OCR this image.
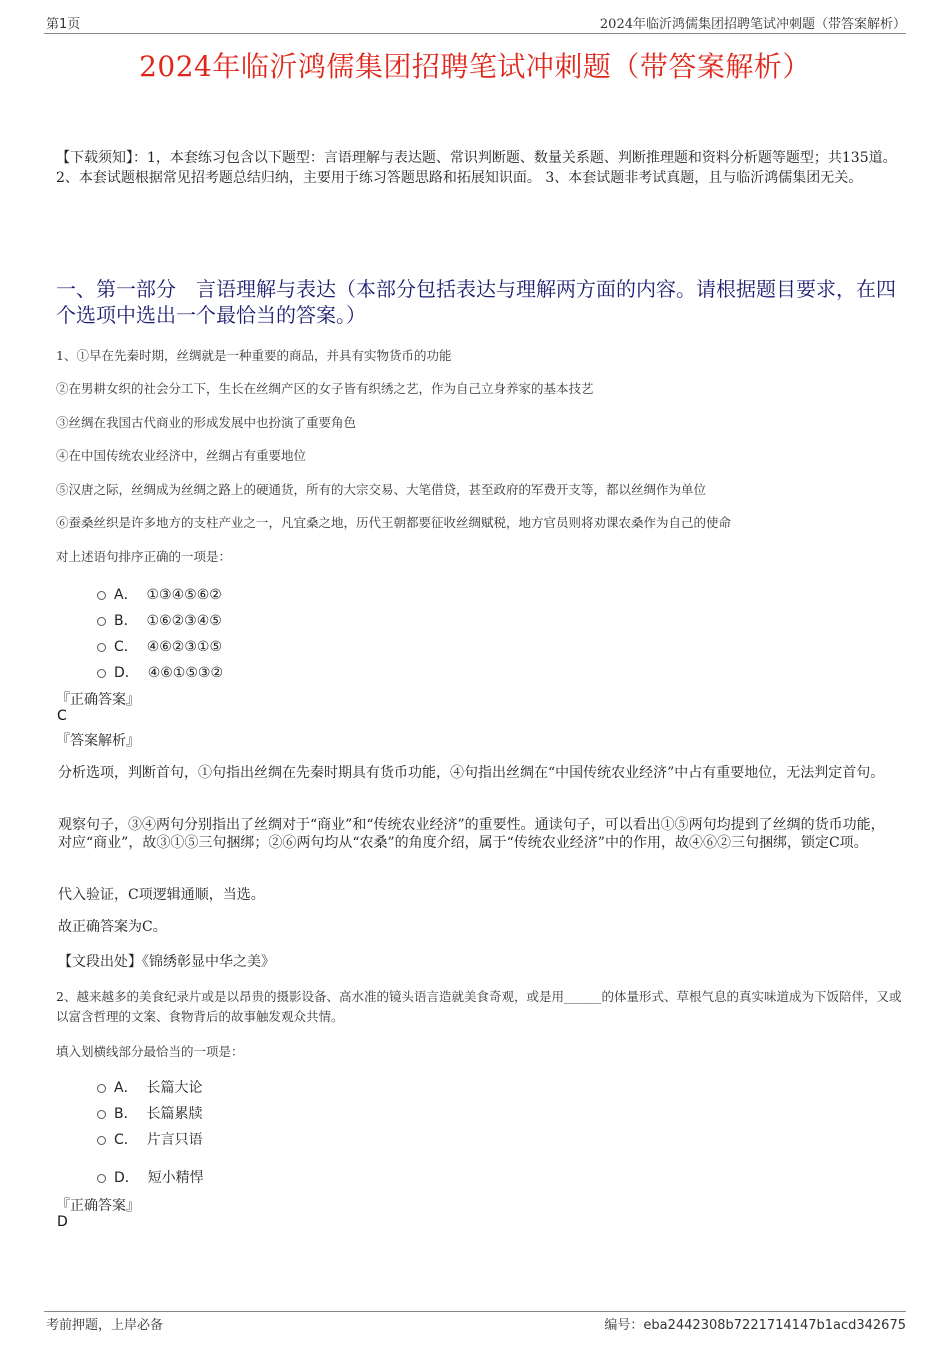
第1页	2024年临沂鸿儒集团招聘笔试冲刺题（带答案解析）
2024年临沂鸿儒集团招聘笔试冲刺题（带答案解析）
【下载须知】：1，本套练习包含以下题型：言语理解与表达题、常识判断题、数量关系题、判断推理题和资料分析题等题型；共135道。 2、本套试题根据常见招考题总结归纳，主要用于练习答题思路和拓展知识面。 3、本套试题非考试真题，且与临沂鸿儒集团无关。
一、第一部分　言语理解与表达（本部分包括表达与理解两方面的内容。请根据题目要求，在四个选项中选出一个最恰当的答案。）
1、①早在先秦时期，丝绸就是一种重要的商品，并具有实物货币的功能
②在男耕女织的社会分工下，生长在丝绸产区的女子皆有织绣之艺，作为自己立身养家的基本技艺
③丝绸在我国古代商业的形成发展中也扮演了重要角色
④在中国传统农业经济中，丝绸占有重要地位
⑤汉唐之际，丝绸成为丝绸之路上的硬通货，所有的大宗交易、大笔借贷，甚至政府的军费开支等，都以丝绸作为单位
⑥蚕桑丝织是许多地方的支柱产业之一，凡宜桑之地，历代王朝都要征收丝绸赋税，地方官员则将劝课农桑作为自己的使命
对上述语句排序正确的一项是：
A． ①③④⑤⑥②
B． ①⑥②③④⑤
C． ④⑥②③①⑤
D． ④⑥①⑤③②
『正确答案』
C
『答案解析』
分析选项，判断首句，①句指出丝绸在先秦时期具有货币功能，④句指出丝绸在“中国传统农业经济”中占有重要地位，无法判定首句。
观察句子，③④两句分别指出了丝绸对于“商业”和“传统农业经济”的重要性。通读句子，可以看出①⑤两句均提到了丝绸的货币功能，对应“商业”，故③①⑤三句捆绑；②⑥两句均从“农桑”的角度介绍，属于“传统农业经济”中的作用，故④⑥②三句捆绑，锁定C项。
代入验证，C项逻辑通顺，当选。
故正确答案为C。
【文段出处】《锦绣彰显中华之美》
2、越来越多的美食纪录片或是以昂贵的摄影设备、高水准的镜头语言造就美食奇观，或是用______的体量形式、草根气息的真实味道成为下饭陪伴，又或以富含哲理的文案、食物背后的故事触发观众共情。
填入划横线部分最恰当的一项是：
A． 长篇大论
B． 长篇累牍
C． 片言只语
D． 短小精悍
『正确答案』
D
考前押题，上岸必备	编号：eba2442308b7221714147b1acd342675
